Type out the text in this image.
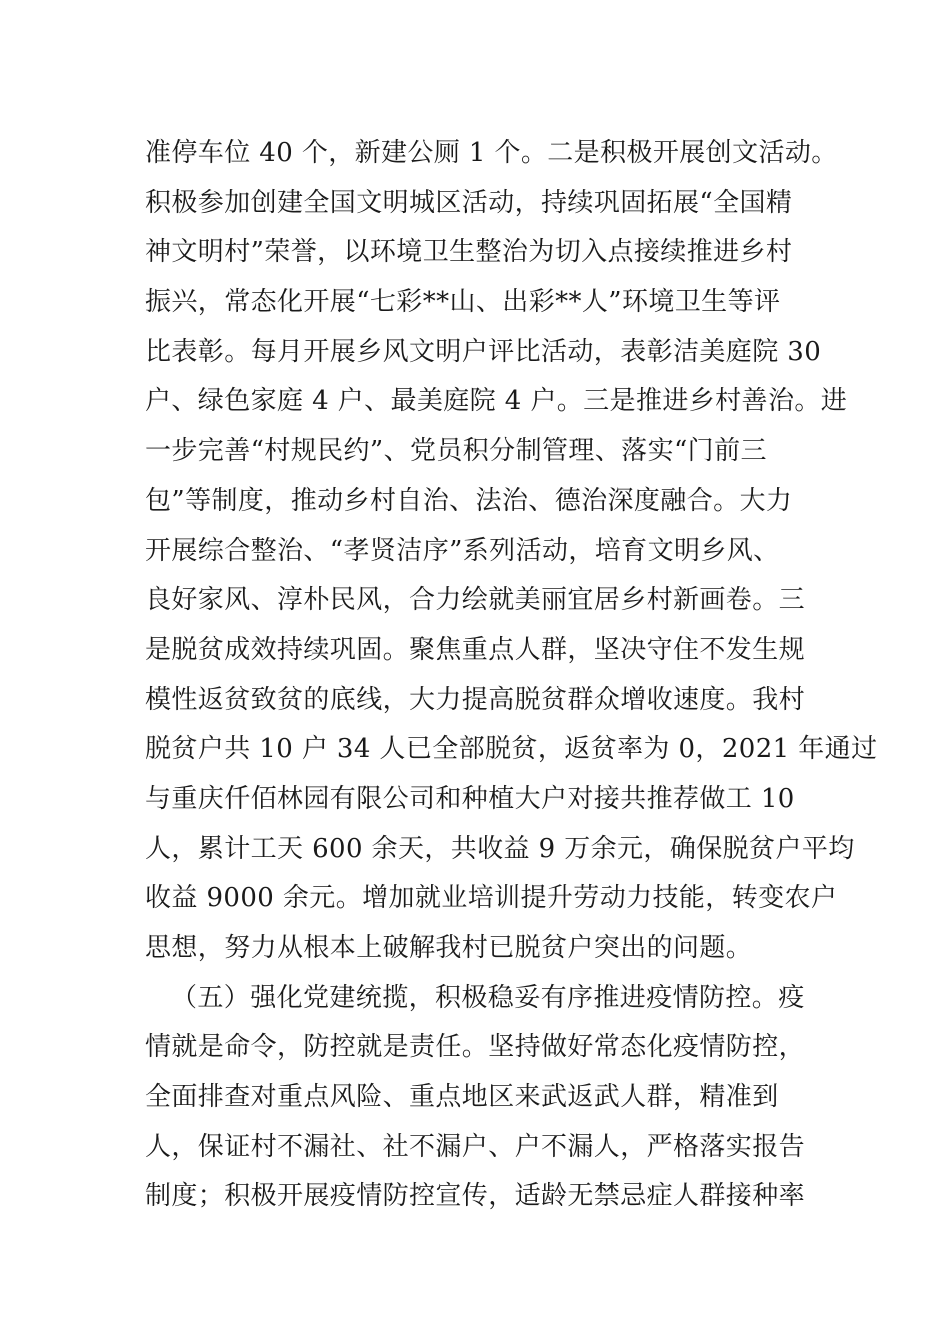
准停车位 40 个，新建公厕 1 个。二是积极开展创文活动。
积极参加创建全国文明城区活动，持续巩固拓展“全国精
神文明村”荣誉，以环境卫生整治为切入点接续推进乡村
振兴，常态化开展“七彩**山、出彩**人”环境卫生等评
比表彰。每月开展乡风文明户评比活动，表彰洁美庭院 30
户、绿色家庭 4 户、最美庭院 4 户。三是推进乡村善治。进
一步完善“村规民约”、党员积分制管理、落实“门前三
包”等制度，推动乡村自治、法治、德治深度融合。大力
开展综合整治、“孝贤洁序”系列活动，培育文明乡风、
良好家风、淳朴民风，合力绘就美丽宜居乡村新画卷。三
是脱贫成效持续巩固。聚焦重点人群，坚决守住不发生规
模性返贫致贫的底线，大力提高脱贫群众增收速度。我村
脱贫户共 10 户 34 人已全部脱贫，返贫率为 0，2021 年通过
与重庆仟佰林园有限公司和种植大户对接共推荐做工 10
人，累计工天 600 余天，共收益 9 万余元，确保脱贫户平均
收益 9000 余元。增加就业培训提升劳动力技能，转变农户
思想，努力从根本上破解我村已脱贫户突出的问题。
（五）强化党建统揽，积极稳妥有序推进疫情防控。疫
情就是命令，防控就是责任。坚持做好常态化疫情防控，
全面排查对重点风险、重点地区来武返武人群，精准到
人，保证村不漏社、社不漏户、户不漏人，严格落实报告
制度；积极开展疫情防控宣传，适龄无禁忌症人群接种率
